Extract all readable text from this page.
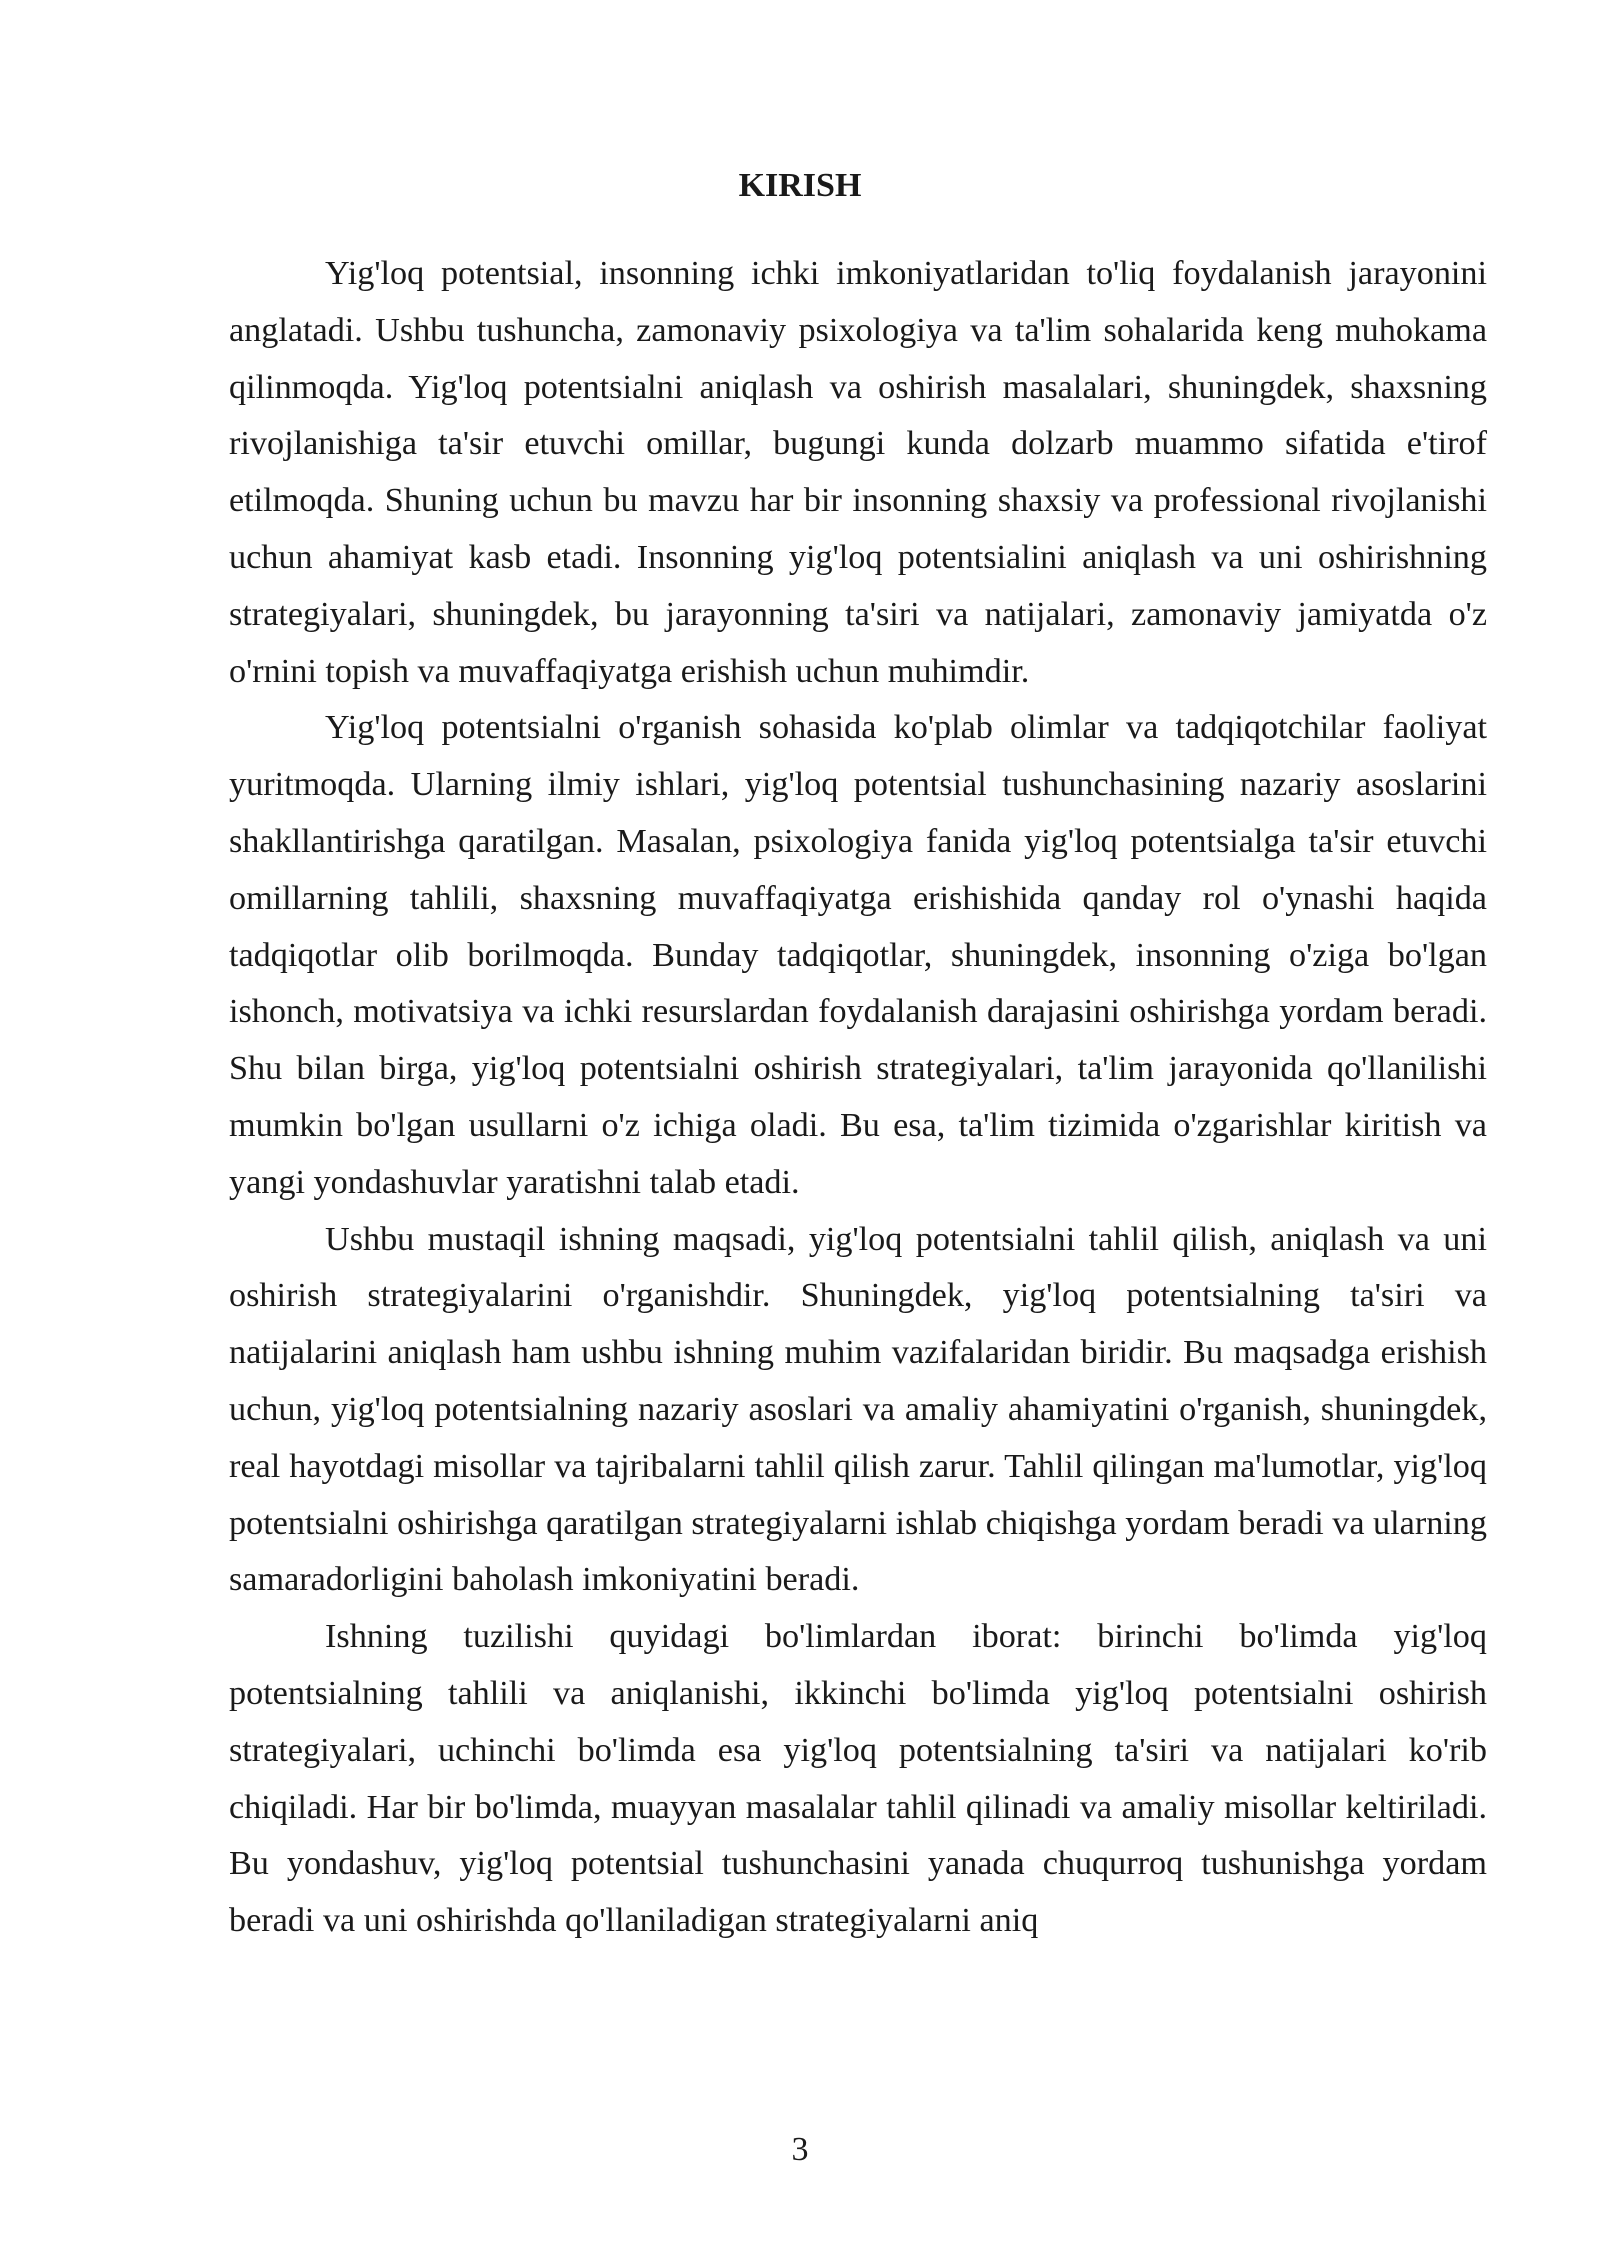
KIRISH

Yig'loq potentsial, insonning ichki imkoniyatlaridan to'liq foydalanish jarayonini anglatadi. Ushbu tushuncha, zamonaviy psixologiya va ta'lim sohalarida keng muhokama qilinmoqda. Yig'loq potentsialni aniqlash va oshirish masalalari, shuningdek, shaxsning rivojlanishiga ta'sir etuvchi omillar, bugungi kunda dolzarb muammo sifatida e'tirof etilmoqda. Shuning uchun bu mavzu har bir insonning shaxsiy va professional rivojlanishi uchun ahamiyat kasb etadi. Insonning yig'loq potentsialini aniqlash va uni oshirishning strategiyalari, shuningdek, bu jarayonning ta'siri va natijalari, zamonaviy jamiyatda o'z o'rnini topish va muvaffaqiyatga erishish uchun muhimdir.

Yig'loq potentsialni o'rganish sohasida ko'plab olimlar va tadqiqotchilar faoliyat yuritmoqda. Ularning ilmiy ishlari, yig'loq potentsial tushunchasining nazariy asoslarini shakllantirishga qaratilgan. Masalan, psixologiya fanida yig'loq potentsialga ta'sir etuvchi omillarning tahlili, shaxsning muvaffaqiyatga erishishida qanday rol o'ynashi haqida tadqiqotlar olib borilmoqda. Bunday tadqiqotlar, shuningdek, insonning o'ziga bo'lgan ishonch, motivatsiya va ichki resurslardan foydalanish darajasini oshirishga yordam beradi. Shu bilan birga, yig'loq potentsialni oshirish strategiyalari, ta'lim jarayonida qo'llanilishi mumkin bo'lgan usullarni o'z ichiga oladi. Bu esa, ta'lim tizimida o'zgarishlar kiritish va yangi yondashuvlar yaratishni talab etadi.

Ushbu mustaqil ishning maqsadi, yig'loq potentsialni tahlil qilish, aniqlash va uni oshirish strategiyalarini o'rganishdir. Shuningdek, yig'loq potentsialning ta'siri va natijalarini aniqlash ham ushbu ishning muhim vazifalaridan biridir. Bu maqsadga erishish uchun, yig'loq potentsialning nazariy asoslari va amaliy ahamiyatini o'rganish, shuningdek, real hayotdagi misollar va tajribalarni tahlil qilish zarur. Tahlil qilingan ma'lumotlar, yig'loq potentsialni oshirishga qaratilgan strategiyalarni ishlab chiqishga yordam beradi va ularning samaradorligini baholash imkoniyatini beradi.

Ishning tuzilishi quyidagi bo'limlardan iborat: birinchi bo'limda yig'loq potentsialning tahlili va aniqlanishi, ikkinchi bo'limda yig'loq potentsialni oshirish strategiyalari, uchinchi bo'limda esa yig'loq potentsialning ta'siri va natijalari ko'rib chiqiladi. Har bir bo'limda, muayyan masalalar tahlil qilinadi va amaliy misollar keltiriladi. Bu yondashuv, yig'loq potentsial tushunchasini yanada chuqurroq tushunishga yordam beradi va uni oshirishda qo'llaniladigan strategiyalarni aniq

3
